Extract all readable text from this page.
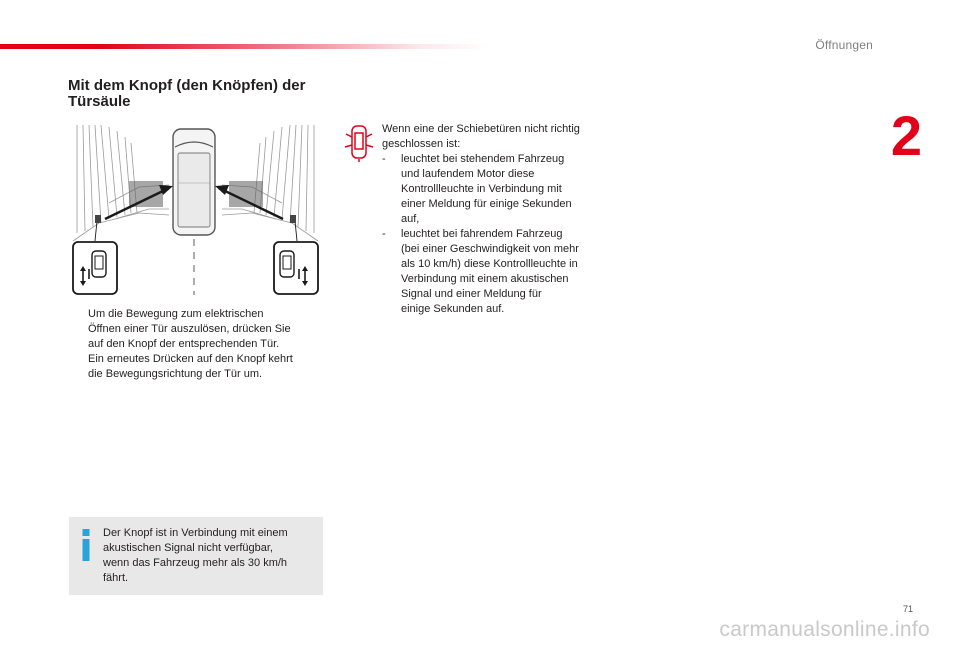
Öffnungen
2
Mit dem Knopf (den Knöpfen) der
Türsäule
Um die Bewegung zum elektrischen
Öffnen einer Tür auszulösen, drücken Sie
auf den Knopf der entsprechenden Tür.
Ein erneutes Drücken auf den Knopf kehrt
die Bewegungsrichtung der Tür um.
Der Knopf ist in Verbindung mit einem
akustischen Signal nicht verfügbar,
wenn das Fahrzeug mehr als 30 km/h
fährt.
Wenn eine der Schiebetüren nicht richtig
geschlossen ist:
-	leuchtet bei stehendem Fahrzeug
und laufendem Motor diese
Kontrollleuchte in Verbindung mit
einer Meldung für einige Sekunden
auf,
-	leuchtet bei fahrendem Fahrzeug
(bei einer Geschwindigkeit von mehr
als 10 km/h) diese Kontrollleuchte in
Verbindung mit einem akustischen
Signal und einer Meldung für
einige Sekunden auf.
71
carmanualsonline.info
